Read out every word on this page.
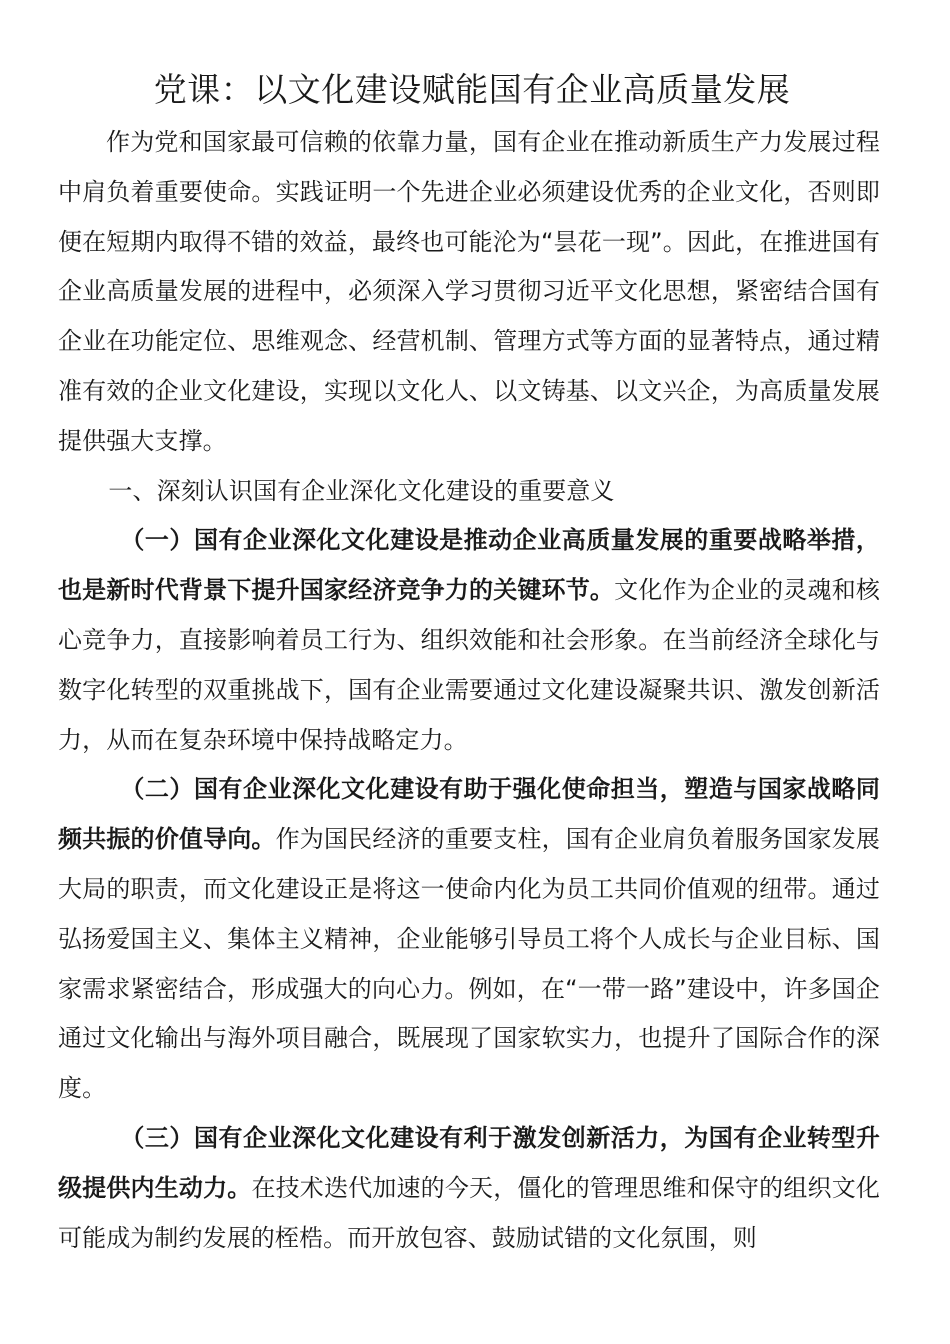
党课：以文化建设赋能国有企业高质量发展

作为党和国家最可信赖的依靠力量，国有企业在推动新质生产力发展过程中肩负着重要使命。实践证明一个先进企业必须建设优秀的企业文化，否则即便在短期内取得不错的效益，最终也可能沦为“昙花一现”。因此，在推进国有企业高质量发展的进程中，必须深入学习贯彻习近平文化思想，紧密结合国有企业在功能定位、思维观念、经营机制、管理方式等方面的显著特点，通过精准有效的企业文化建设，实现以文化人、以文铸基、以文兴企，为高质量发展提供强大支撑。

一、深刻认识国有企业深化文化建设的重要意义

（一）国有企业深化文化建设是推动企业高质量发展的重要战略举措，也是新时代背景下提升国家经济竞争力的关键环节。文化作为企业的灵魂和核心竞争力，直接影响着员工行为、组织效能和社会形象。在当前经济全球化与数字化转型的双重挑战下，国有企业需要通过文化建设凝聚共识、激发创新活力，从而在复杂环境中保持战略定力。

（二）国有企业深化文化建设有助于强化使命担当，塑造与国家战略同频共振的价值导向。作为国民经济的重要支柱，国有企业肩负着服务国家发展大局的职责，而文化建设正是将这一使命内化为员工共同价值观的纽带。通过弘扬爱国主义、集体主义精神，企业能够引导员工将个人成长与企业目标、国家需求紧密结合，形成强大的向心力。例如，在“一带一路”建设中，许多国企通过文化输出与海外项目融合，既展现了国家软实力，也提升了国际合作的深度。

（三）国有企业深化文化建设有利于激发创新活力，为国有企业转型升级提供内生动力。在技术迭代加速的今天，僵化的管理思维和保守的组织文化可能成为制约发展的桎梏。而开放包容、鼓励试错的文化氛围，则
